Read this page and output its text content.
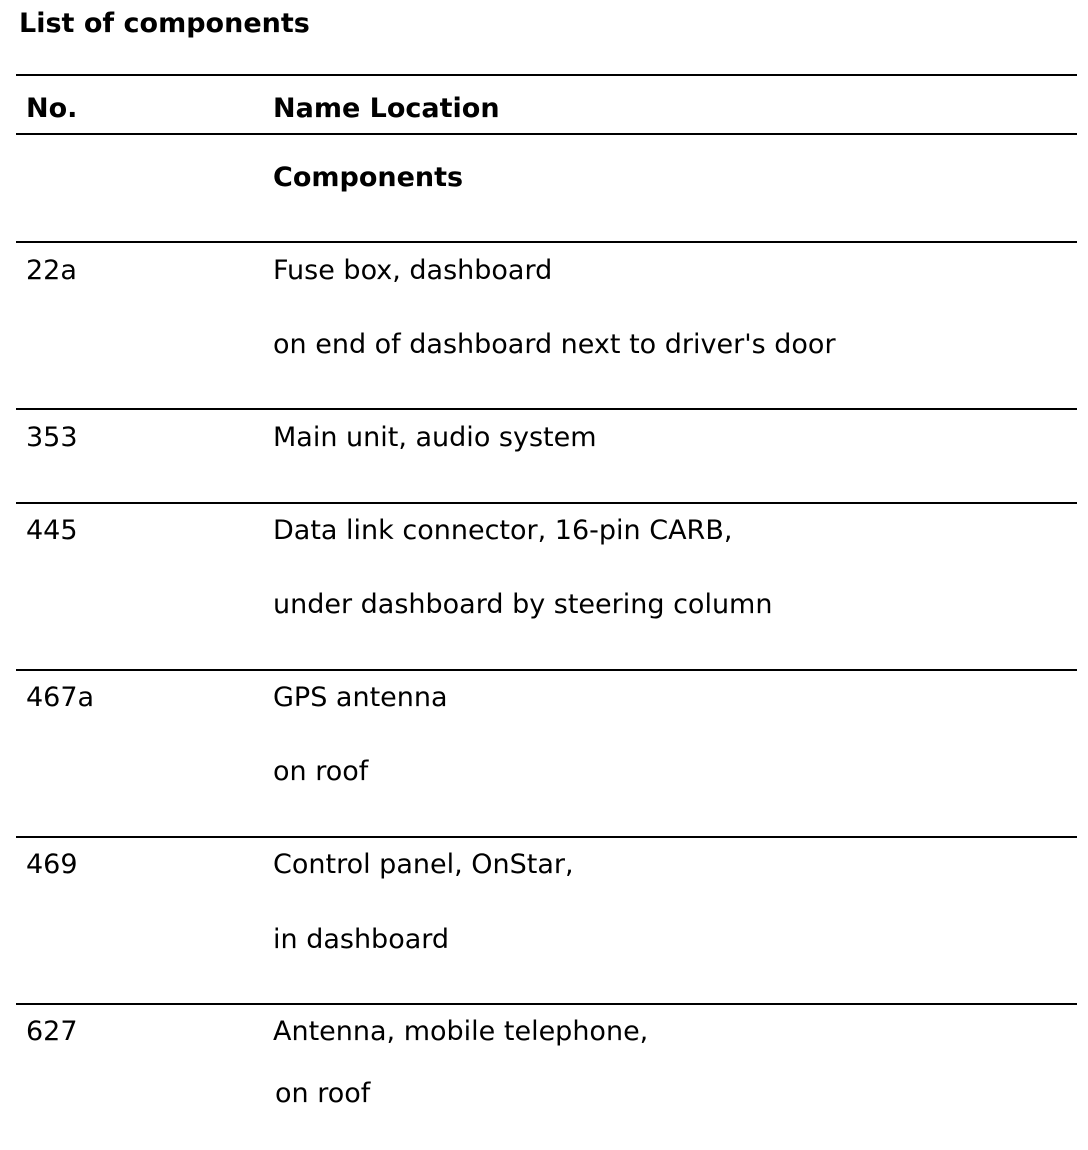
List of components
No.	Name Location
Components
22a	Fuse box, dashboard
on end of dashboard next to driver's door
353	Main unit, audio system
445	Data link connector, 16-pin CARB,
under dashboard by steering column
467a	GPS antenna
on roof
469	Control panel, OnStar,
in dashboard
627	Antenna, mobile telephone,
on roof
